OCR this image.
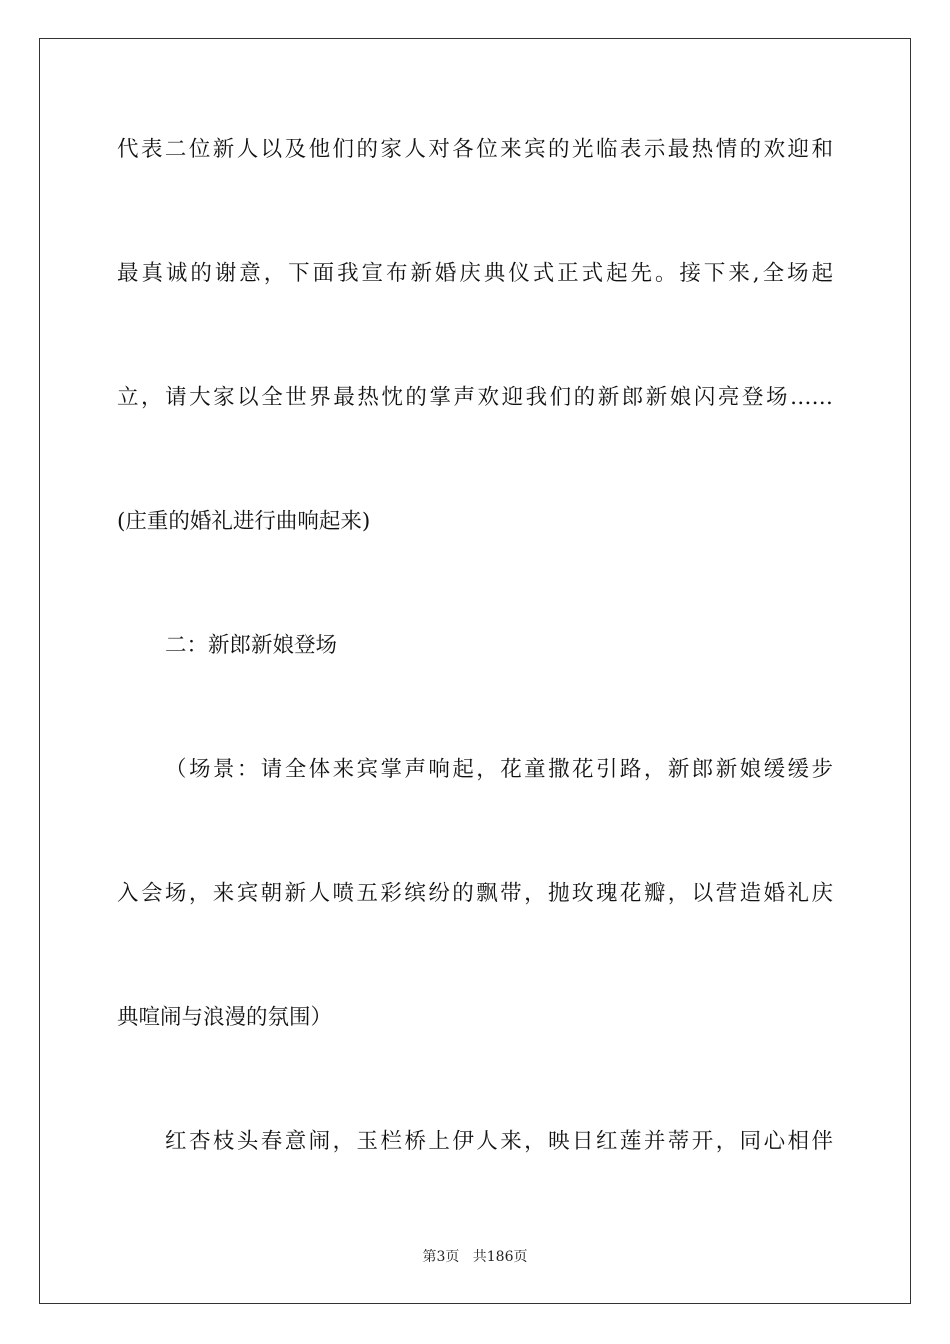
代表二位新人以及他们的家人对各位来宾的光临表示最热情的欢迎和
最真诚的谢意，下面我宣布新婚庆典仪式正式起先。接下来,全场起
立，请大家以全世界最热忱的掌声欢迎我们的新郎新娘闪亮登场……
(庄重的婚礼进行曲响起来)
二：新郎新娘登场
（场景：请全体来宾掌声响起，花童撒花引路，新郎新娘缓缓步
入会场，来宾朝新人喷五彩缤纷的飘带，抛玫瑰花瓣，以营造婚礼庆
典喧闹与浪漫的氛围）
红杏枝头春意闹，玉栏桥上伊人来，映日红莲并蒂开，同心相伴
第3页 共186页
